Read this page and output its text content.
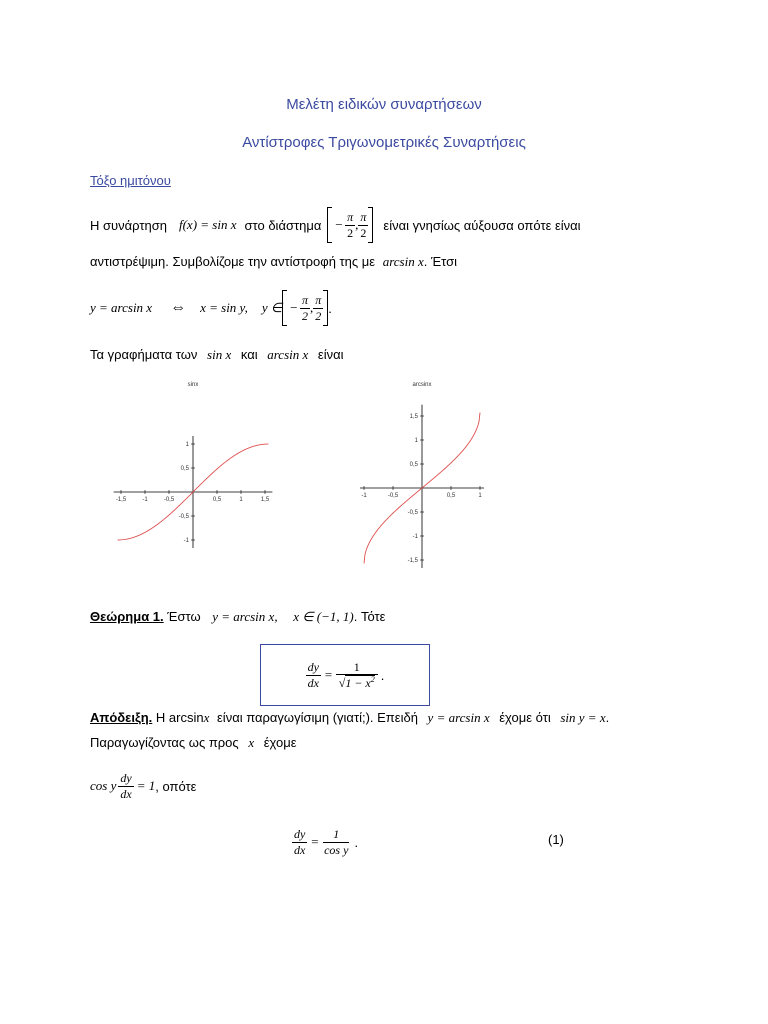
Μελέτη ειδικών συναρτήσεων
Αντίστροφες Τριγωνομετρικές Συναρτήσεις
Τόξο ημιτόνου
Η συνάρτηση f(x) = sin x στο $\delta\iota ά\sigma\tau\eta\mu\alpha - \frac{\pi}{2}$ , $\frac{\pi}{2}$ είναι γνησίως αύξουσα οπότε είναι
αντιστρέψιμη. Συμβολίζομε την αντίστροφή της με arcsin x. Έτσι
y = arcsin x ⇔ x = sin y, y ∈ − $\frac{\pi}{2}$ , $\frac{\pi}{2}$ .
Τα γραφήματα των sin x και arcsin x είναι
sinx
-1,5	-1	-0,5	0,5	1	1,5
1
0,5
-0,5
-1
arcsinx
-1	-0,5	0,5	1
1,5
1
0,5
-0,5
-1
-1,5
Θεώρημα 1. Έστω y = arcsin x, x ∈ (−1, 1). Τότε
$\frac{dy}{dx} = \frac{1}{√1 - x^2}$ .
Απόδειξη. Η arcsinx είναι παραγωγίσιμη (γιατί;). Επειδή y = arcsin x έχομε ότι sin y = x.
Παραγωγίζοντας ως προς x έχομε
cos y $\frac{dy}{dx} = 1$ , οπότε
$\frac{dy}{dx} = \frac{1}{\text{cos y}}$ .	(1)
